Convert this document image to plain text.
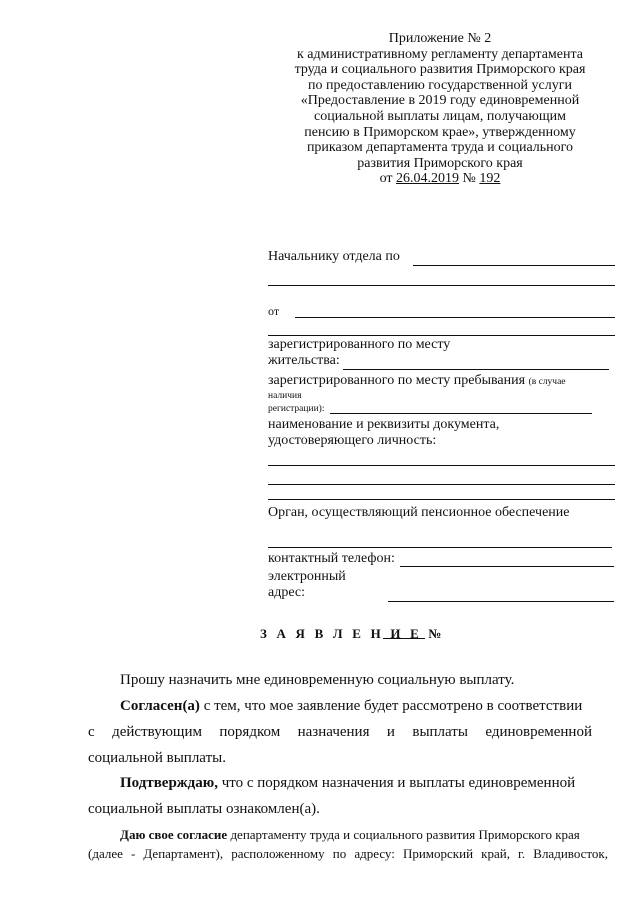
Приложение № 2
к административному регламенту департамента
труда и социального развития Приморского края
по предоставлению государственной услуги
«Предоставление в 2019 году единовременной
социальной выплаты лицам, получающим
пенсию в Приморском крае», утвержденному
приказом департамента труда и социального
развития Приморского края
от 26.04.2019 № 192
Начальнику отдела по
от
зарегистрированного по месту
жительства:
зарегистрированного по месту пребывания (в случае
наличия
регистрации):
наименование и реквизиты документа,
удостоверяющего личность:
Орган, осуществляющий пенсионное обеспечение
контактный телефон:
электронный
адрес:
З А Я В Л Е Н И Е №
Прошу назначить мне единовременную социальную выплату.
Согласен(а) с тем, что мое заявление будет рассмотрено в соответствии
с действующим порядком назначения и выплаты единовременной
социальной выплаты.
Подтверждаю, что с порядком назначения и выплаты единовременной
социальной выплаты ознакомлен(а).
Даю свое согласие департаменту труда и социального развития Приморского края
(далее - Департамент), расположенному по адресу: Приморский край, г. Владивосток,
